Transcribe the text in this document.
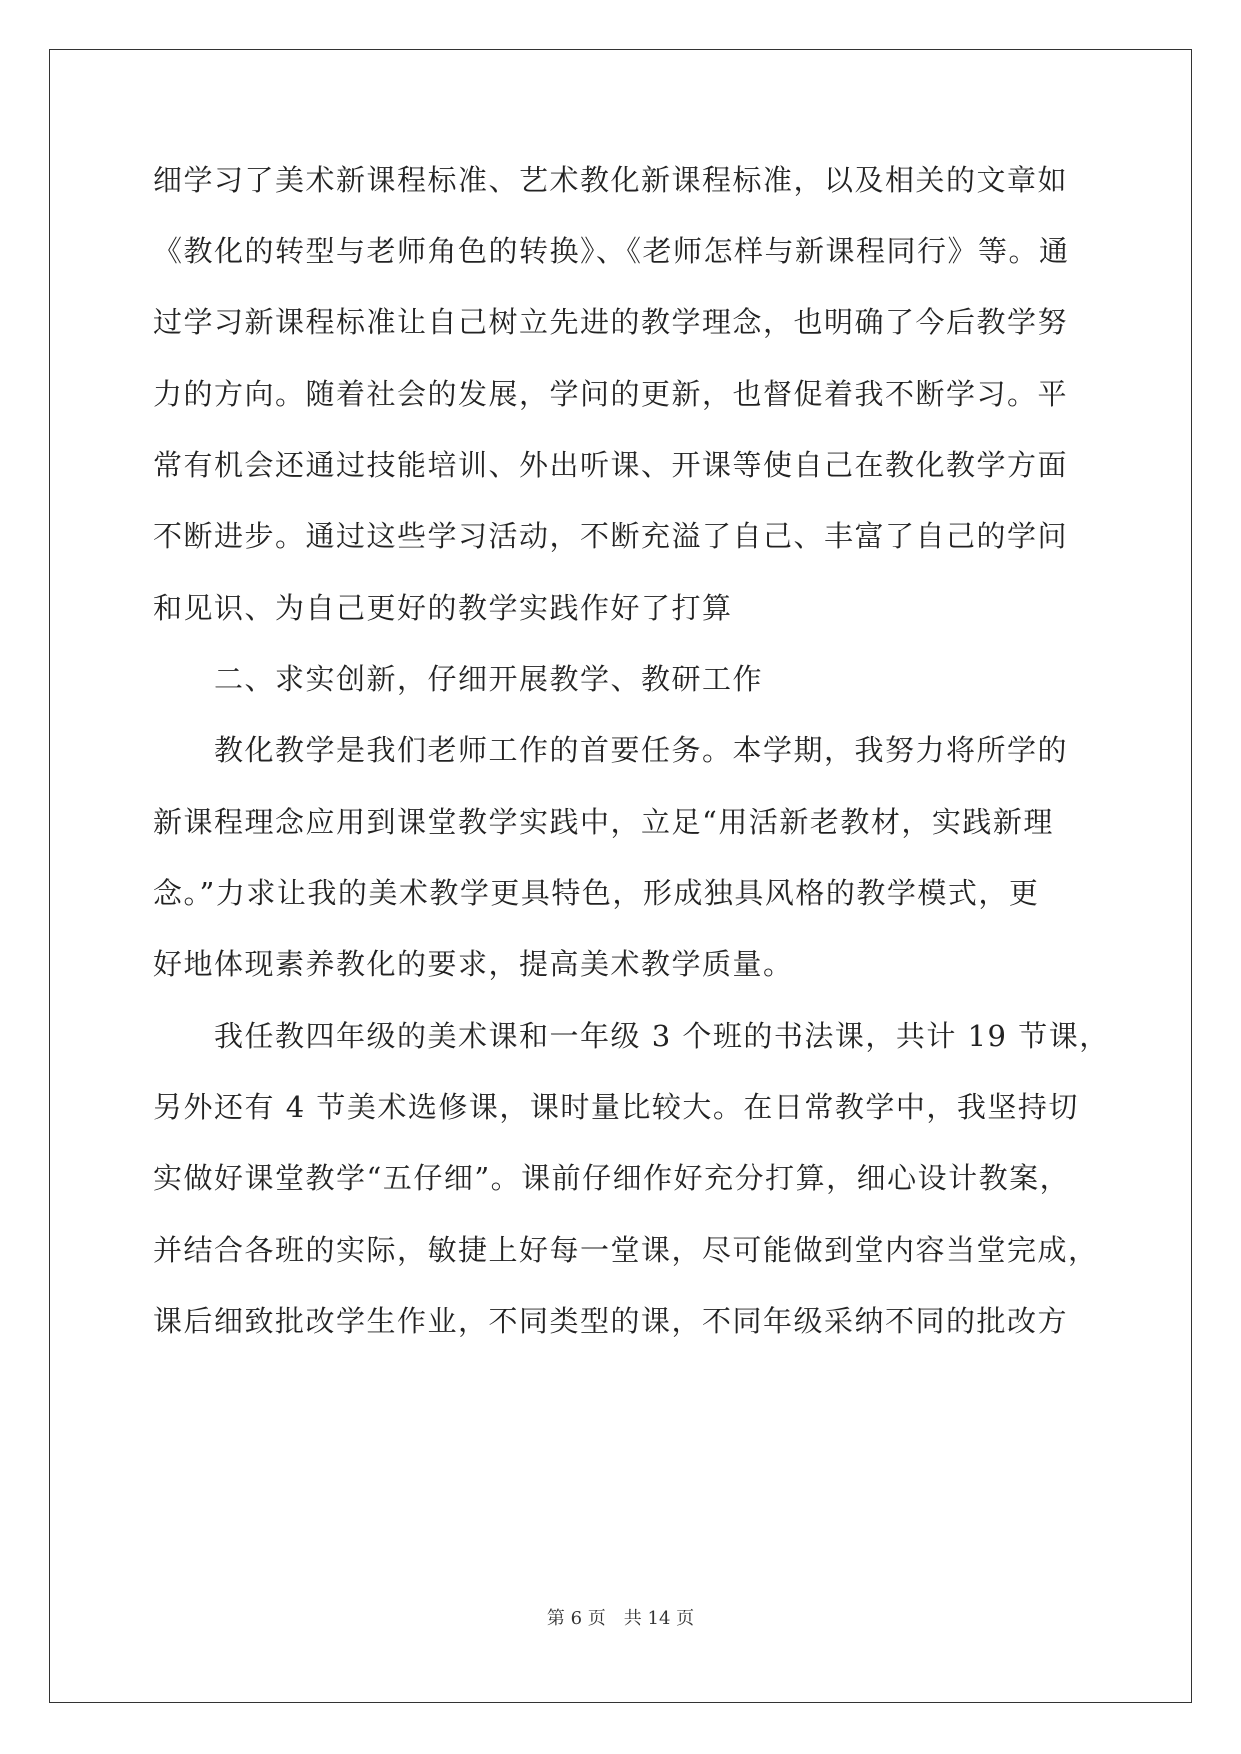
细学习了美术新课程标准、艺术教化新课程标准，以及相关的文章如
《教化的转型与老师角色的转换》、《老师怎样与新课程同行》等。通
过学习新课程标准让自己树立先进的教学理念，也明确了今后教学努
力的方向。随着社会的发展，学问的更新，也督促着我不断学习。平
常有机会还通过技能培训、外出听课、开课等使自己在教化教学方面
不断进步。通过这些学习活动，不断充溢了自己、丰富了自己的学问
和见识、为自己更好的教学实践作好了打算
　　二、求实创新，仔细开展教学、教研工作
　　教化教学是我们老师工作的首要任务。本学期，我努力将所学的
新课程理念应用到课堂教学实践中，立足“用活新老教材，实践新理
念。”力求让我的美术教学更具特色，形成独具风格的教学模式，更
好地体现素养教化的要求，提高美术教学质量。
　　我任教四年级的美术课和一年级 3 个班的书法课，共计 19 节课，
另外还有 4 节美术选修课，课时量比较大。在日常教学中，我坚持切
实做好课堂教学“五仔细”。课前仔细作好充分打算，细心设计教案，
并结合各班的实际，敏捷上好每一堂课，尽可能做到堂内容当堂完成，
课后细致批改学生作业，不同类型的课，不同年级采纳不同的批改方
第 6 页　共 14 页
